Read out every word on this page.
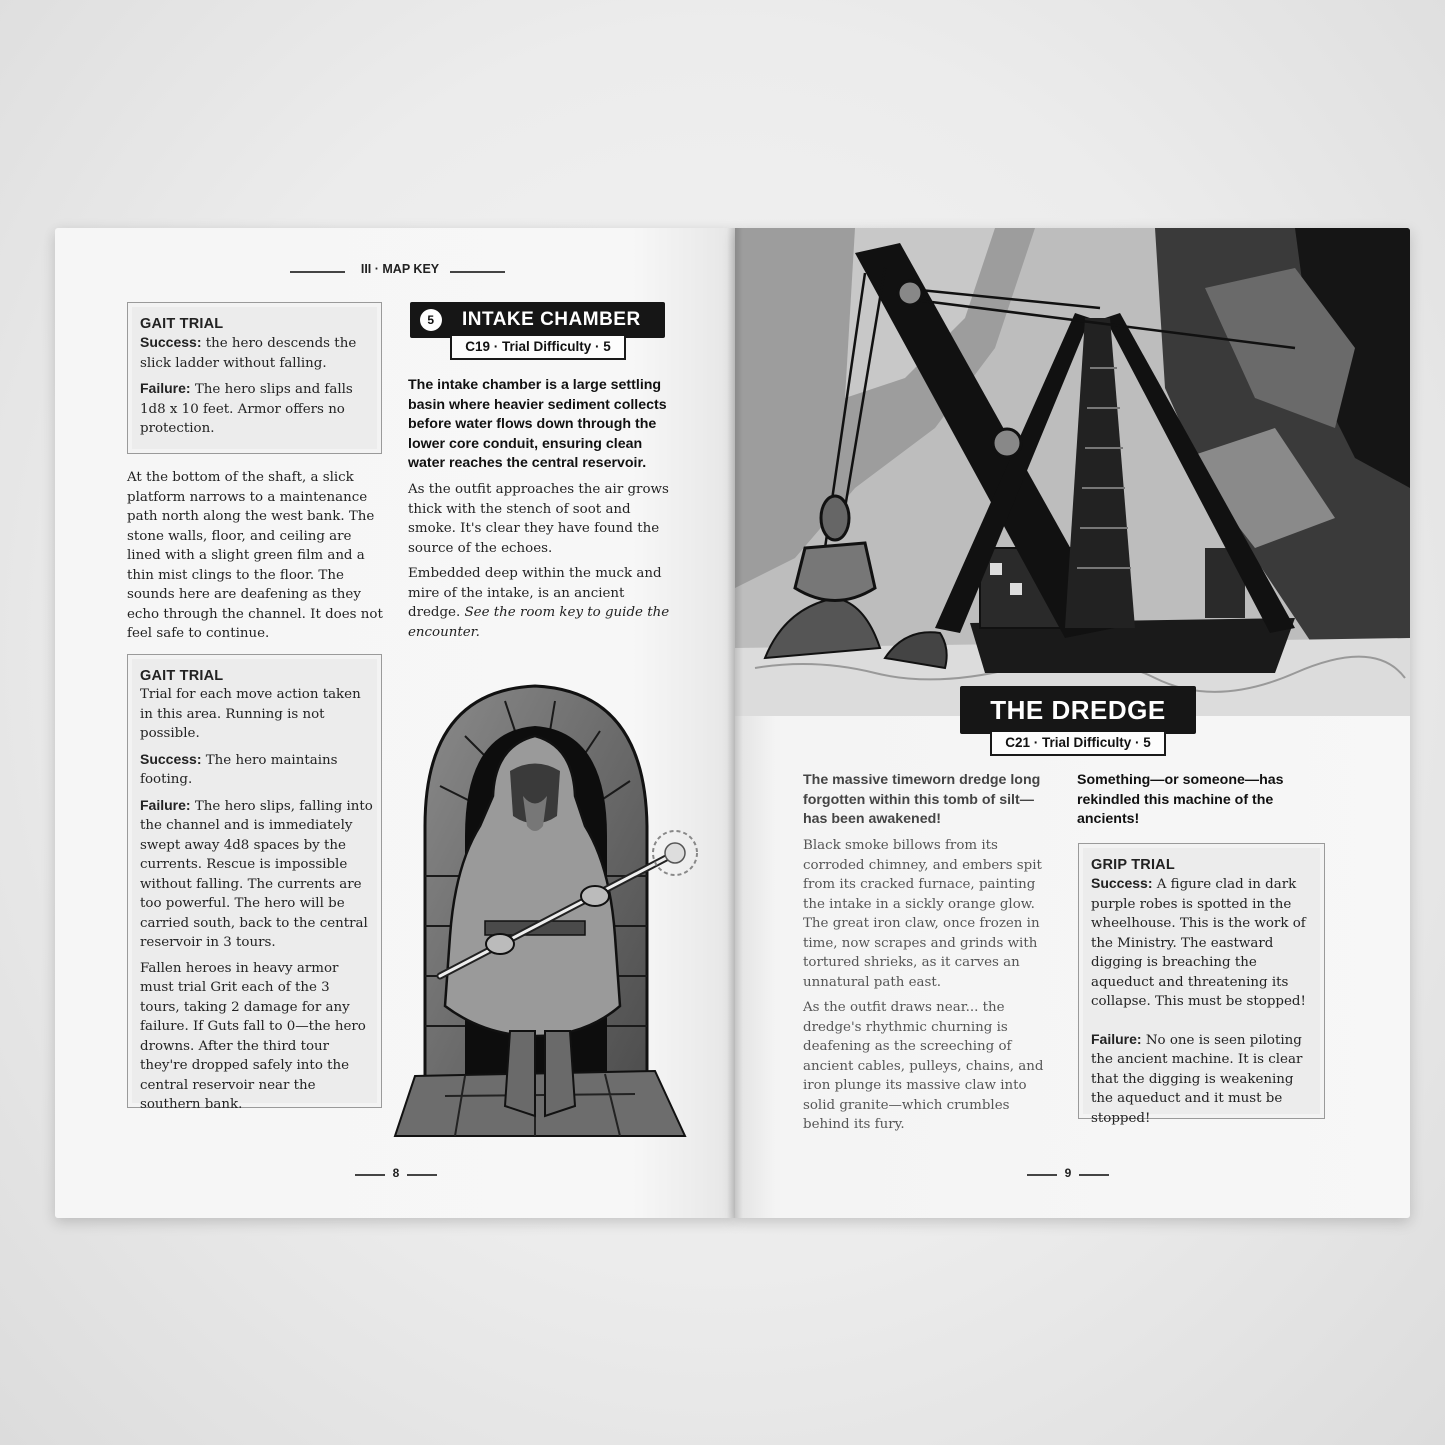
III · MAP KEY
GAIT TRIAL

Success: the hero descends the slick ladder without falling.

Failure: The hero slips and falls 1d8 x 10 feet. Armor offers no protection.

At the bottom of the shaft, a slick platform narrows to a maintenance path north along the west bank. The stone walls, floor, and ceiling are lined with a slight green film and a thin mist clings to the floor. The sounds here are deafening as they echo through the channel. It does not feel safe to continue.
GAIT TRIAL

Trial for each move action taken in this area. Running is not possible.

Success: The hero maintains footing.

Failure: The hero slips, falling into the channel and is immediately swept away 4d8 spaces by the currents. Rescue is impossible without falling. The currents are too powerful. The hero will be carried south, back to the central reservoir in 3 tours.

Fallen heroes in heavy armor must trial Grit each of the 3 tours, taking 2 damage for any failure. If Guts fall to 0—the hero drowns. After the third tour they're dropped safely into the central reservoir near the southern bank.

5	INTAKE CHAMBER
C19 · Trial Difficulty · 5
The intake chamber is a large settling basin where heavier sediment collects before water flows down through the lower core conduit, ensuring clean water reaches the central reservoir.

As the outfit approaches the air grows thick with the stench of soot and smoke. It's clear they have found the source of the echoes.

Embedded deep within the muck and mire of the intake, is an ancient dredge. See the room key to guide the encounter.

8
THE DREDGE
C21 · Trial Difficulty · 5
The massive timeworn dredge long forgotten within this tomb of silt—has been awakened!

Black smoke billows from its corroded chimney, and embers spit from its cracked furnace, painting the intake in a sickly orange glow. The great iron claw, once frozen in time, now scrapes and grinds with tortured shrieks, as it carves an unnatural path east.

As the outfit draws near... the dredge's rhythmic churning is deafening as the screeching of ancient cables, pulleys, chains, and iron plunge its massive claw into solid granite—which crumbles behind its fury.

Something—or someone—has rekindled this machine of the ancients!
GRIP TRIAL

Success: A figure clad in dark purple robes is spotted in the wheelhouse. This is the work of the Ministry. The eastward digging is breaching the aqueduct and threatening its collapse. This must be stopped!

Failure: No one is seen piloting the ancient machine. It is clear that the digging is weakening the aqueduct and it must be stopped!

9
